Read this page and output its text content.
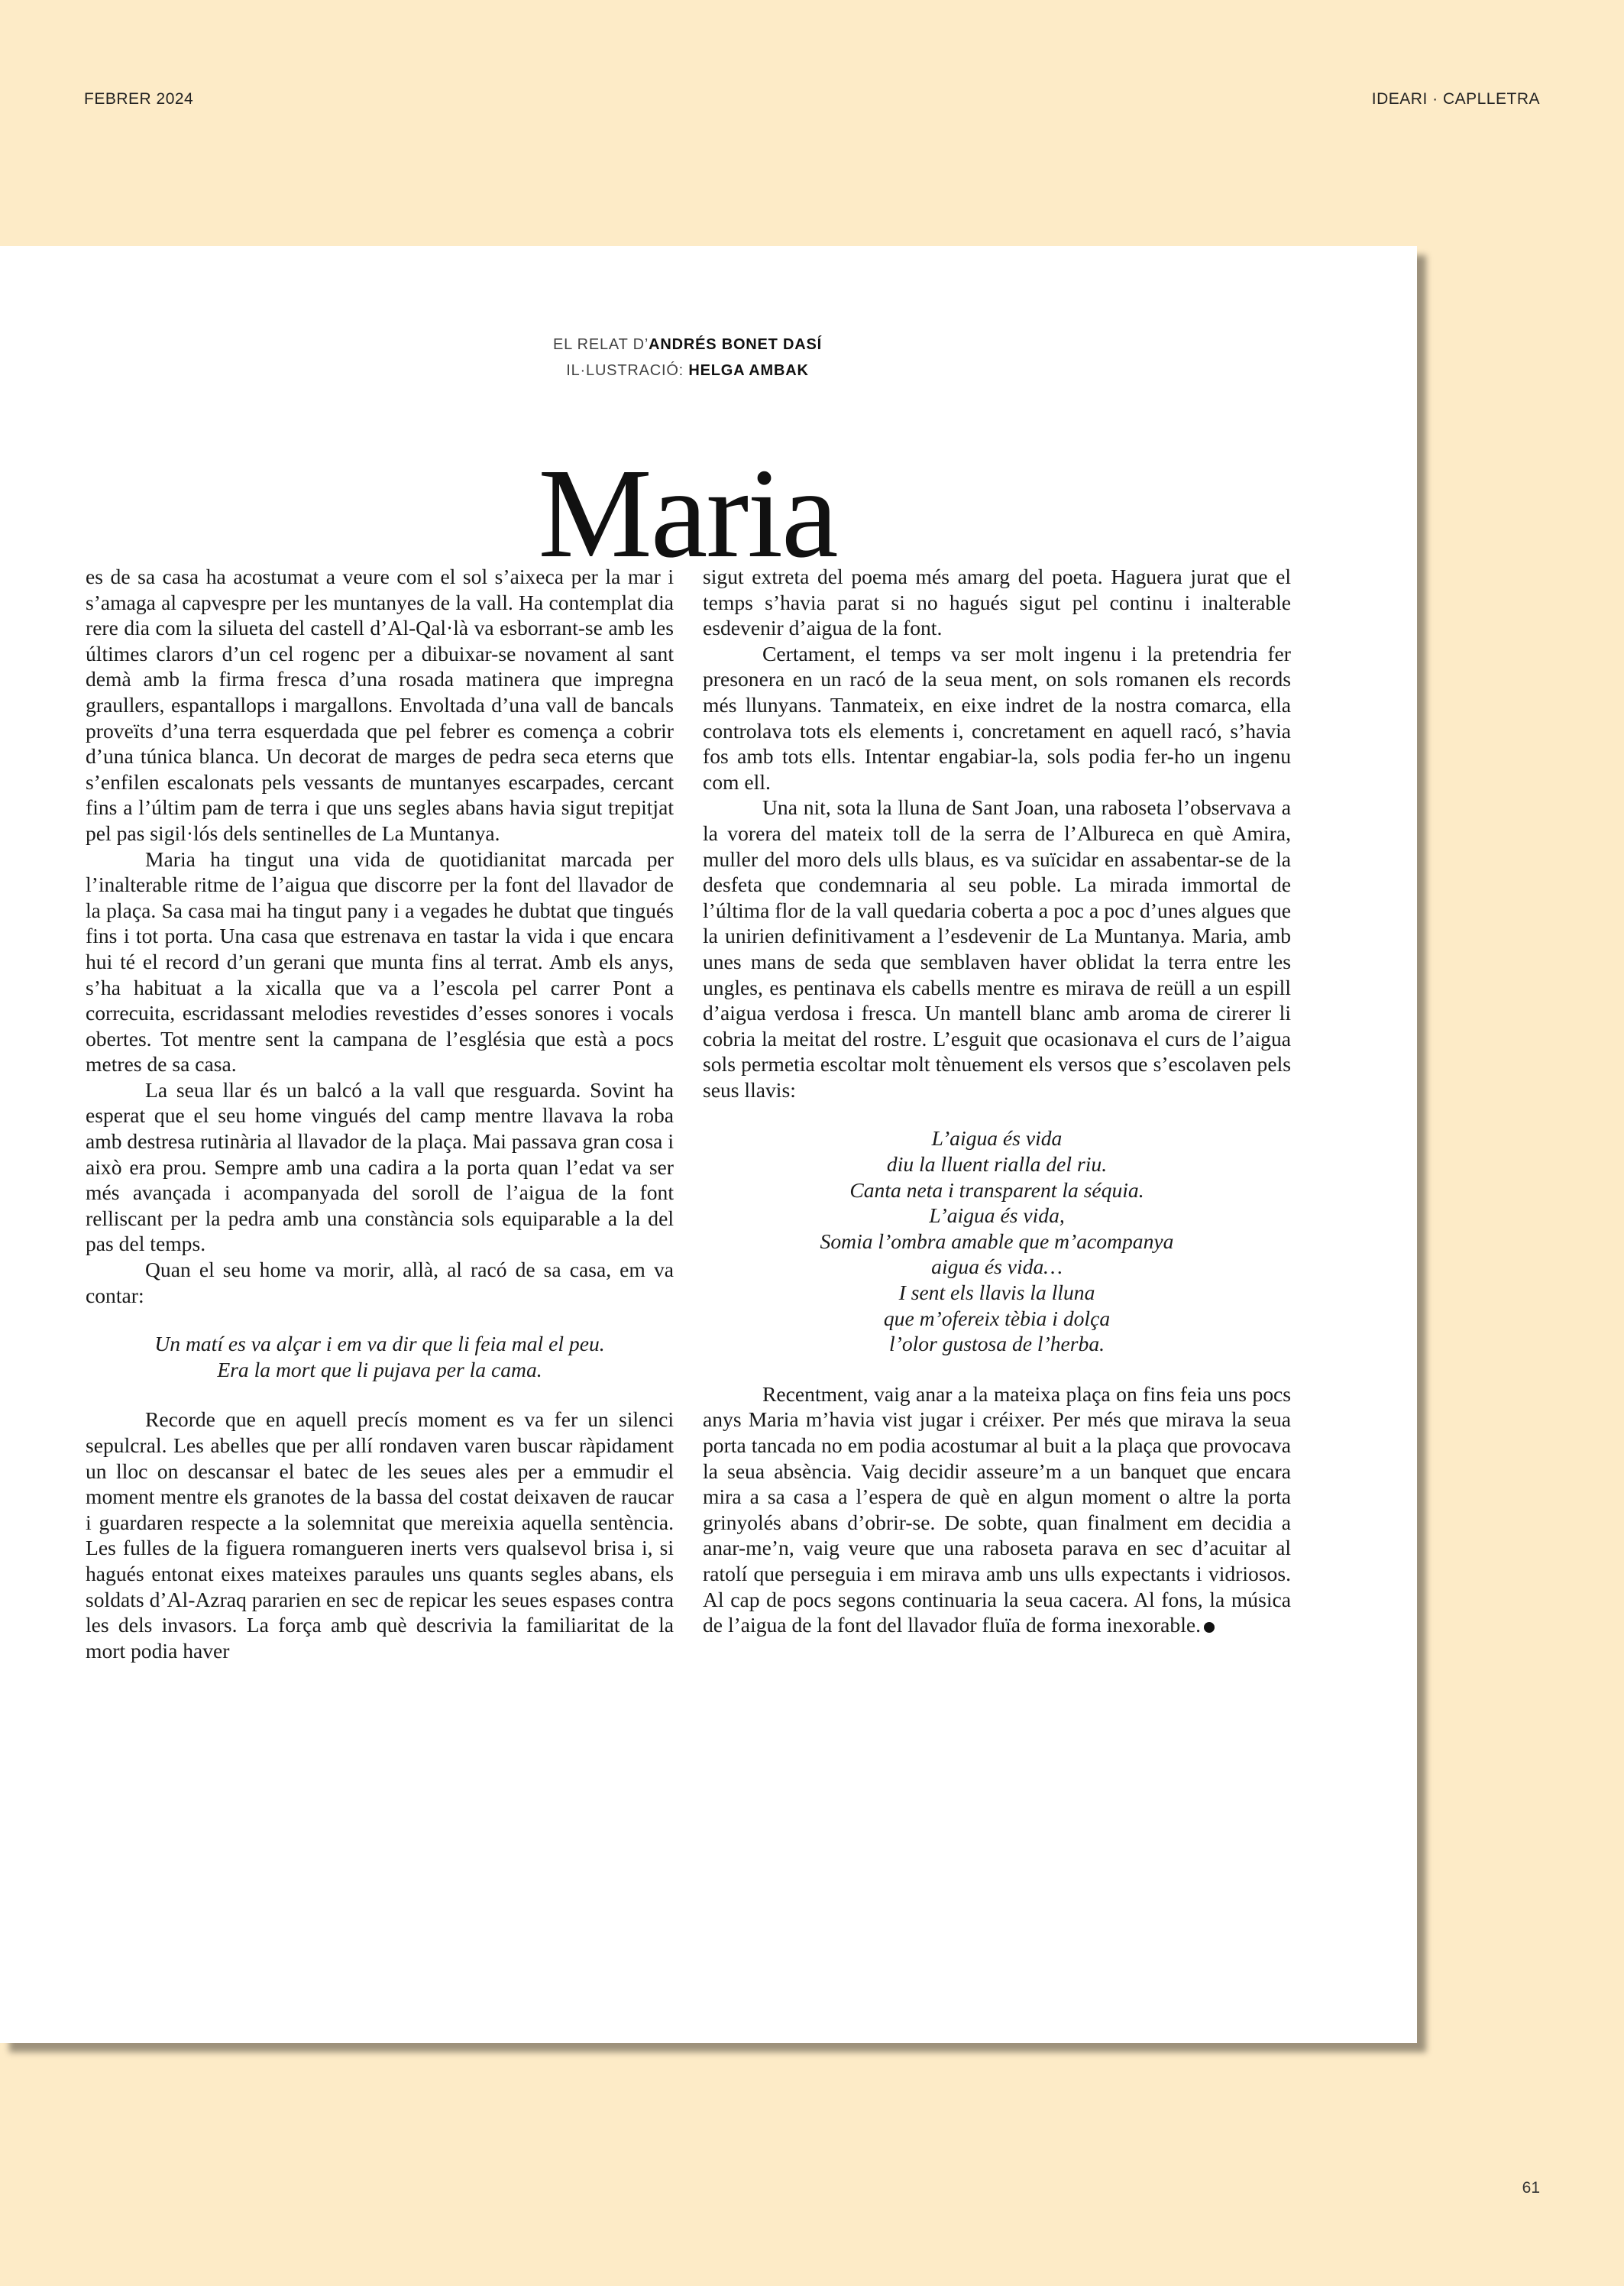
FEBRER 2024	IDEARI · CAPLLETRA
EL RELAT D’ANDRÉS BONET DASÍ
IL·LUSTRACIÓ: HELGA AMBAK
Maria

es de sa casa ha acostumat a veure com el sol s’aixeca per la mar i s’amaga al capvespre per les muntanyes de la vall. Ha contemplat dia rere dia com la silueta del castell d’Al-Qal·là va esborrant-se amb les últimes clarors d’un cel rogenc per a dibuixar-se novament al sant demà amb la firma fresca d’una rosada matinera que impregna graullers, espantallops i margallons. Envoltada d’una vall de bancals proveïts d’una terra esquerdada que pel febrer es comença a cobrir d’una túnica blanca. Un decorat de marges de pedra seca eterns que s’enfilen escalonats pels vessants de muntanyes escarpades, cercant fins a l’últim pam de terra i que uns segles abans havia sigut trepitjat pel pas sigil·lós dels sentinelles de La Muntanya.

Maria ha tingut una vida de quotidianitat marcada per l’inalterable ritme de l’aigua que discorre per la font del llavador de la plaça. Sa casa mai ha tingut pany i a vegades he dubtat que tingués fins i tot porta. Una casa que estrenava en tastar la vida i que encara hui té el record d’un gerani que munta fins al terrat. Amb els anys, s’ha habituat a la xicalla que va a l’escola pel carrer Pont a correcuita, escridassant melodies revestides d’esses sonores i vocals obertes. Tot mentre sent la campana de l’església que està a pocs metres de sa casa.

La seua llar és un balcó a la vall que resguarda. Sovint ha esperat que el seu home vingués del camp mentre llavava la roba amb destresa rutinària al llavador de la plaça. Mai passava gran cosa i això era prou. Sempre amb una cadira a la porta quan l’edat va ser més avançada i acompanyada del soroll de l’aigua de la font relliscant per la pedra amb una constància sols equiparable a la del pas del temps.

Quan el seu home va morir, allà, al racó de sa casa, em va contar:

Un matí es va alçar i em va dir que li feia mal el peu.
Era la mort que li pujava per la cama.

Recorde que en aquell precís moment es va fer un silenci sepulcral. Les abelles que per allí rondaven varen buscar ràpidament un lloc on descansar el batec de les seues ales per a emmudir el moment mentre els granotes de la bassa del costat deixaven de raucar i guardaren respecte a la solemnitat que mereixia aquella sentència. Les fulles de la figuera romangueren inerts vers qualsevol brisa i, si hagués entonat eixes mateixes paraules uns quants segles abans, els soldats d’Al-Azraq pararien en sec de repicar les seues espases contra les dels invasors. La força amb què descrivia la familiaritat de la mort podia haver

sigut extreta del poema més amarg del poeta. Haguera jurat que el temps s’havia parat si no hagués sigut pel continu i inalterable esdevenir d’aigua de la font.

Certament, el temps va ser molt ingenu i la pretendria fer presonera en un racó de la seua ment, on sols romanen els records més llunyans. Tanmateix, en eixe indret de la nostra comarca, ella controlava tots els elements i, concretament en aquell racó, s’havia fos amb tots ells. Intentar engabiar-la, sols podia fer-ho un ingenu com ell.

Una nit, sota la lluna de Sant Joan, una raboseta l’observava a la vorera del mateix toll de la serra de l’Albureca en què Amira, muller del moro dels ulls blaus, es va suïcidar en assabentar-se de la desfeta que condemnaria al seu poble. La mirada immortal de l’última flor de la vall quedaria coberta a poc a poc d’unes algues que la unirien definitivament a l’esdevenir de La Muntanya. Maria, amb unes mans de seda que semblaven haver oblidat la terra entre les ungles, es pentinava els cabells mentre es mirava de reüll a un espill d’aigua verdosa i fresca. Un mantell blanc amb aroma de cirerer li cobria la meitat del rostre. L’esguit que ocasionava el curs de l’aigua sols permetia escoltar molt tènuement els versos que s’escolaven pels seus llavis:

L’aigua és vida
diu la lluent rialla del riu.
Canta neta i transparent la séquia.
L’aigua és vida,
Somia l’ombra amable que m’acompanya
aigua és vida…
I sent els llavis la lluna
que m’ofereix tèbia i dolça
l’olor gustosa de l’herba.

Recentment, vaig anar a la mateixa plaça on fins feia uns pocs anys Maria m’havia vist jugar i créixer. Per més que mirava la seua porta tancada no em podia acostumar al buit a la plaça que provocava la seua absència. Vaig decidir asseure’m a un banquet que encara mira a sa casa a l’espera de què en algun moment o altre la porta grinyolés abans d’obrir-se. De sobte, quan finalment em decidia a anar-me’n, vaig veure que una raboseta parava en sec d’acuitar al ratolí que perseguia i em mirava amb uns ulls expectants i vidriosos. Al cap de pocs segons continuaria la seua cacera. Al fons, la música de l’aigua de la font del llavador fluïa de forma inexorable.

61
